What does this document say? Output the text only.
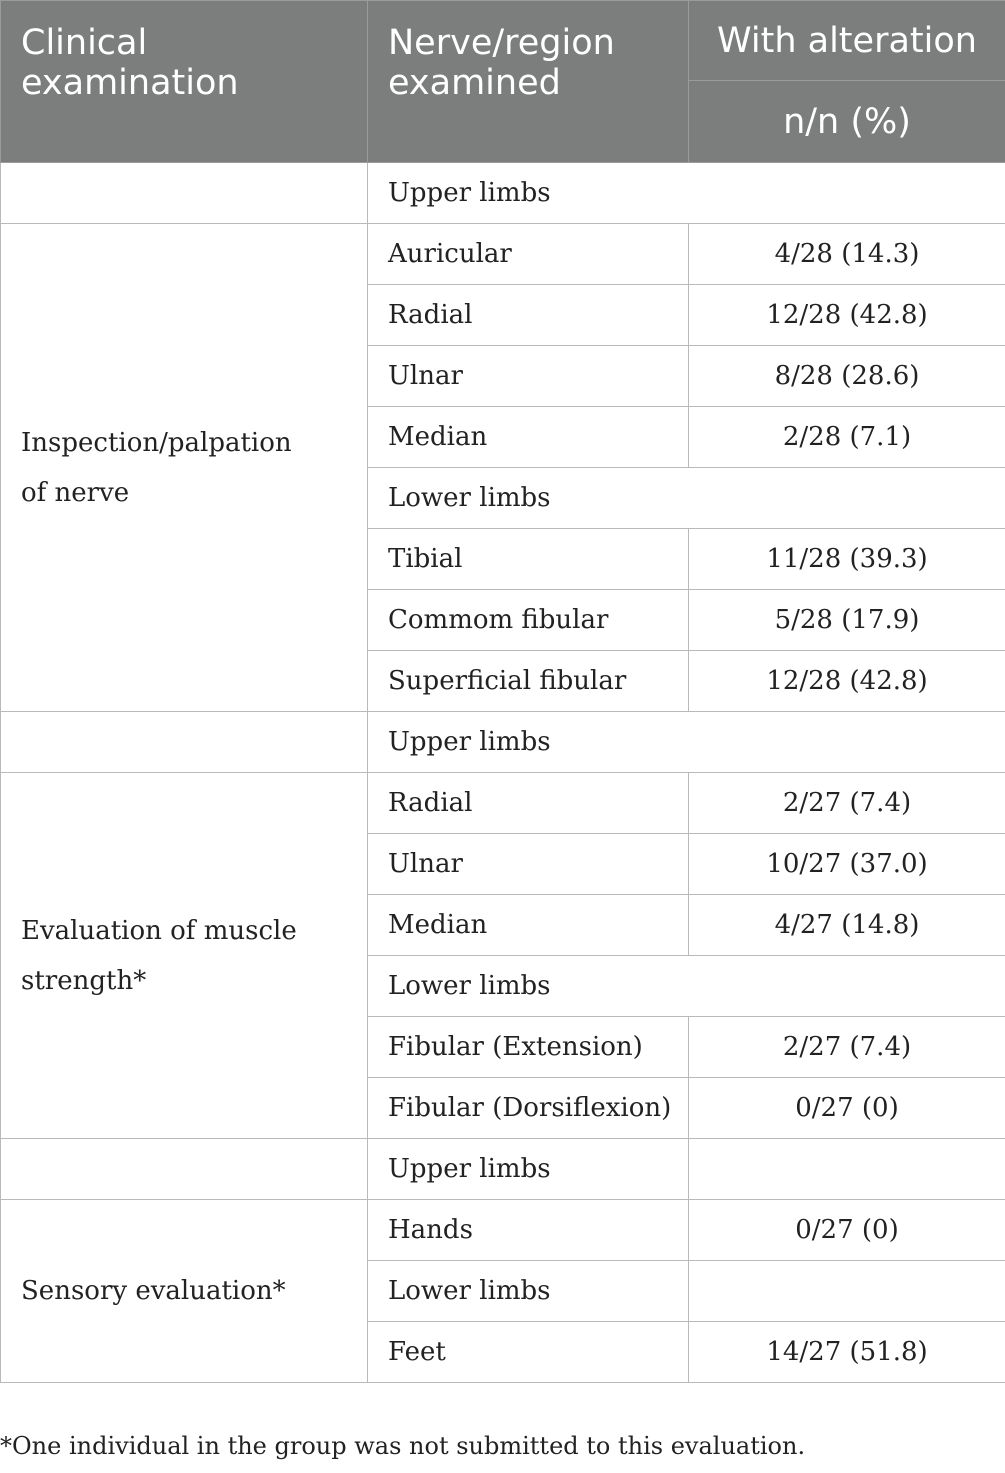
Clinical examination	Nerve/region examined	With alteration
		n/n (%)
	Upper limbs	
Inspection/palpation of nerve	Auricular	4/28 (14.3)
	Radial	12/28 (42.8)
	Ulnar	8/28 (28.6)
	Median	2/28 (7.1)
	Lower limbs	
	Tibial	11/28 (39.3)
	Commom fibular	5/28 (17.9)
	Superficial fibular	12/28 (42.8)
	Upper limbs	
Evaluation of muscle strength*	Radial	2/27 (7.4)
	Ulnar	10/27 (37.0)
	Median	4/27 (14.8)
	Lower limbs	
	Fibular (Extension)	2/27 (7.4)
	Fibular (Dorsiflexion)	0/27 (0)
	Upper limbs	
Sensory evaluation*	Hands	0/27 (0)
	Lower limbs	
	Feet	14/27 (51.8)
*One individual in the group was not submitted to this evaluation.
